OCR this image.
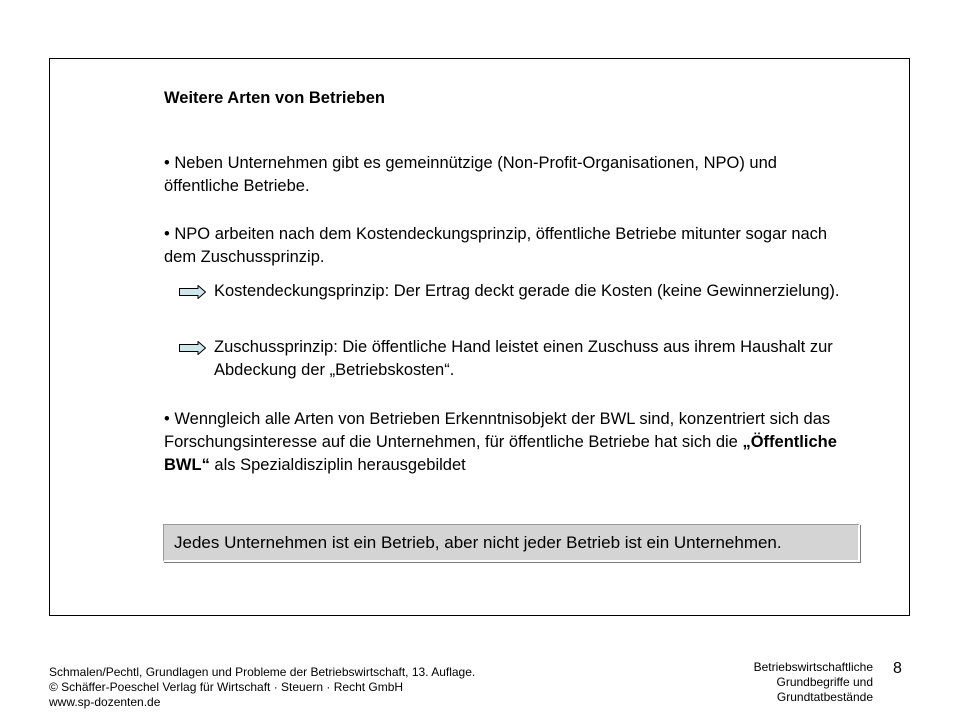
Weitere Arten von Betrieben
• Neben Unternehmen gibt es gemeinnützige (Non-Profit-Organisationen, NPO) und öffentliche Betriebe.
• NPO arbeiten nach dem Kostendeckungsprinzip, öffentliche Betriebe mitunter sogar nach dem Zuschussprinzip.
Kostendeckungsprinzip: Der Ertrag deckt gerade die Kosten (keine Gewinnerzielung).
Zuschussprinzip: Die öffentliche Hand leistet einen Zuschuss aus ihrem Haushalt zur Abdeckung der „Betriebskosten“.
• Wenngleich alle Arten von Betrieben Erkenntnisobjekt der BWL sind, konzentriert sich das Forschungsinteresse auf die Unternehmen, für öffentliche Betriebe hat sich die „Öffentliche BWL“ als Spezialdisziplin herausgebildet
Jedes Unternehmen ist ein Betrieb, aber nicht jeder Betrieb ist ein Unternehmen.
Schmalen/Pechtl, Grundlagen und Probleme der Betriebswirtschaft, 13. Auflage.
© Schäffer-Poeschel Verlag für Wirtschaft · Steuern · Recht GmbH
www.sp-dozenten.de
Betriebswirtschaftliche
Grundbegriffe und
Grundtatbestände
8
